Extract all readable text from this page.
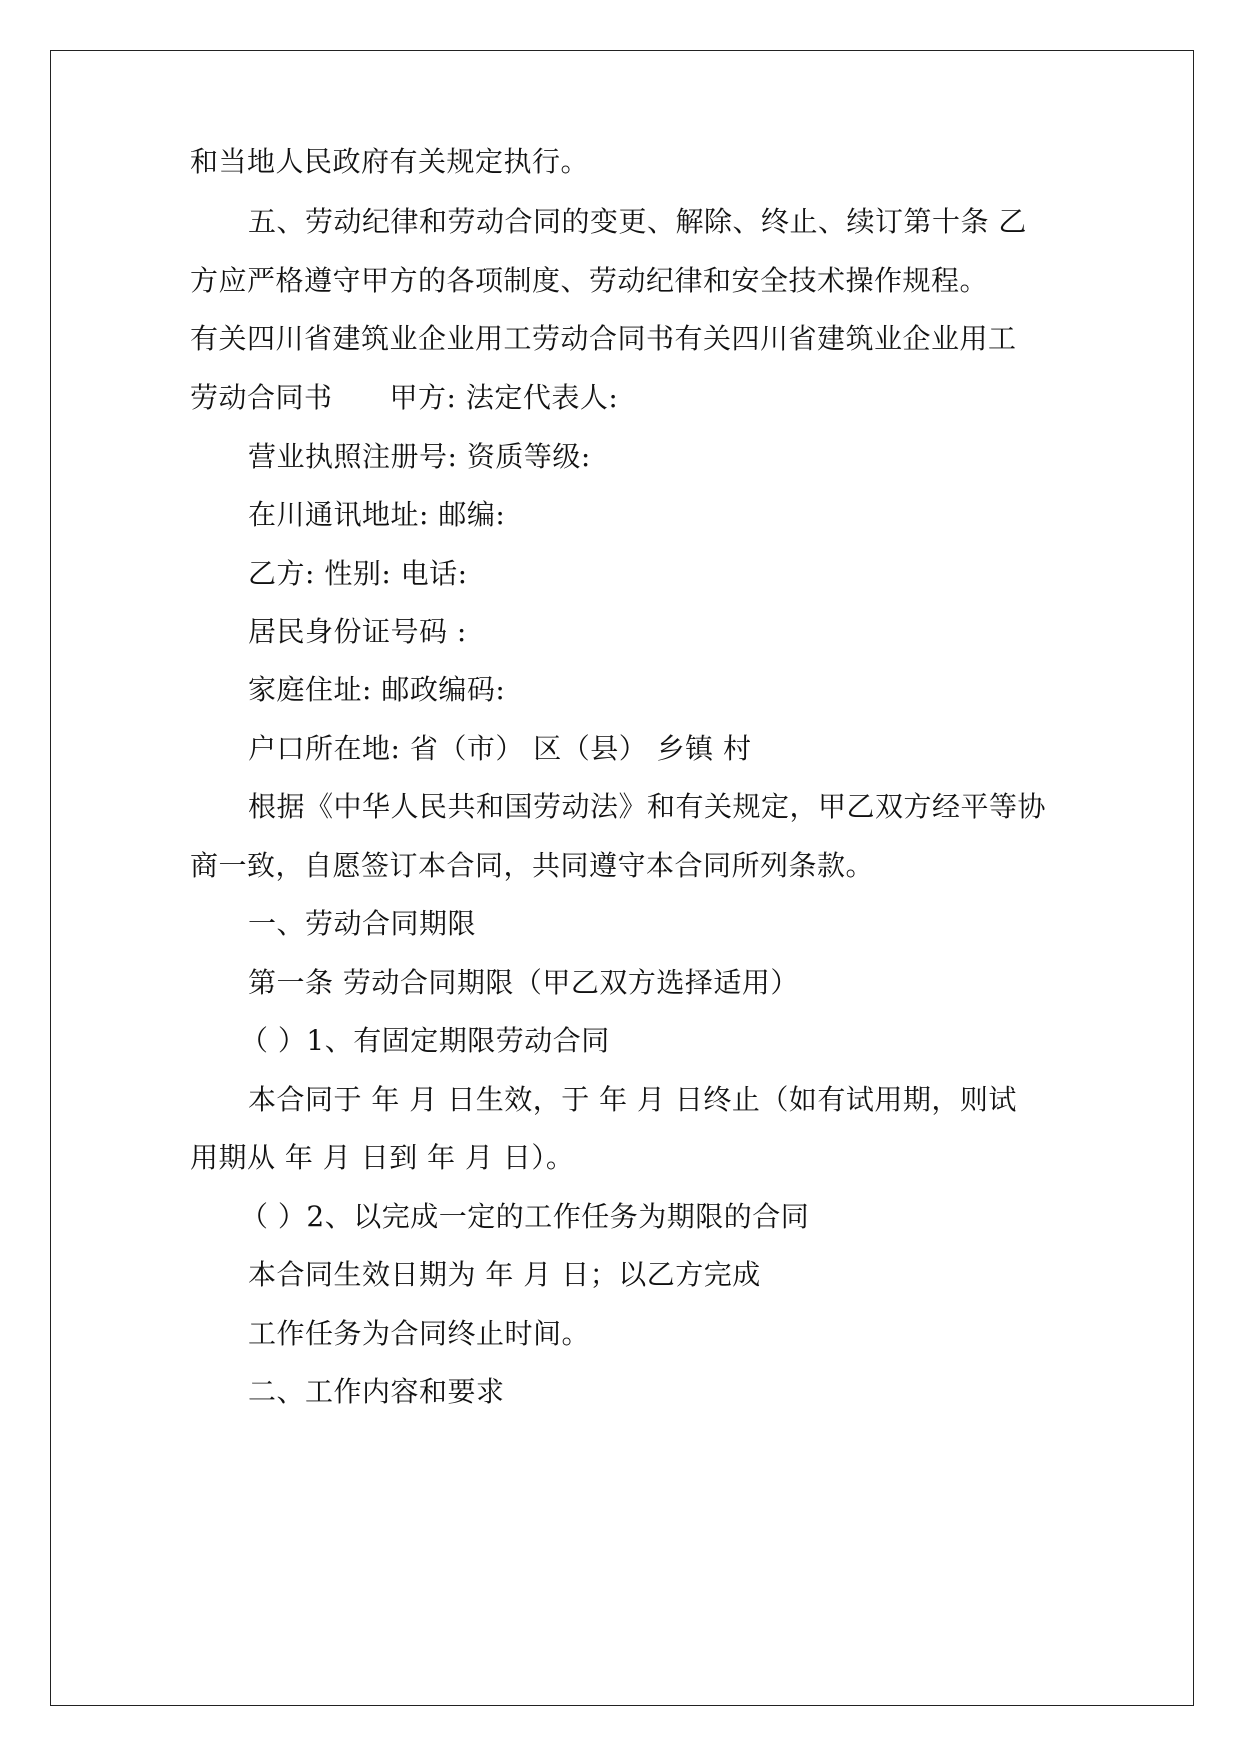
和当地人民政府有关规定执行。
五、劳动纪律和劳动合同的变更、解除、终止、续订第十条 乙
方应严格遵守甲方的各项制度、劳动纪律和安全技术操作规程。
有关四川省建筑业企业用工劳动合同书有关四川省建筑业企业用工
劳动合同书　　甲方: 法定代表人:
营业执照注册号: 资质等级:
在川通讯地址: 邮编:
乙方: 性别: 电话:
居民身份证号码 :
家庭住址: 邮政编码:
户口所在地: 省（市） 区（县） 乡镇 村
根据《中华人民共和国劳动法》和有关规定，甲乙双方经平等协
商一致，自愿签订本合同，共同遵守本合同所列条款。
一、劳动合同期限
第一条 劳动合同期限（甲乙双方选择适用）
（ ）1、有固定期限劳动合同
本合同于 年 月 日生效，于 年 月 日终止（如有试用期，则试
用期从 年 月 日到 年 月 日）。
（ ）2、以完成一定的工作任务为期限的合同
本合同生效日期为 年 月 日；以乙方完成
工作任务为合同终止时间。
二、工作内容和要求
